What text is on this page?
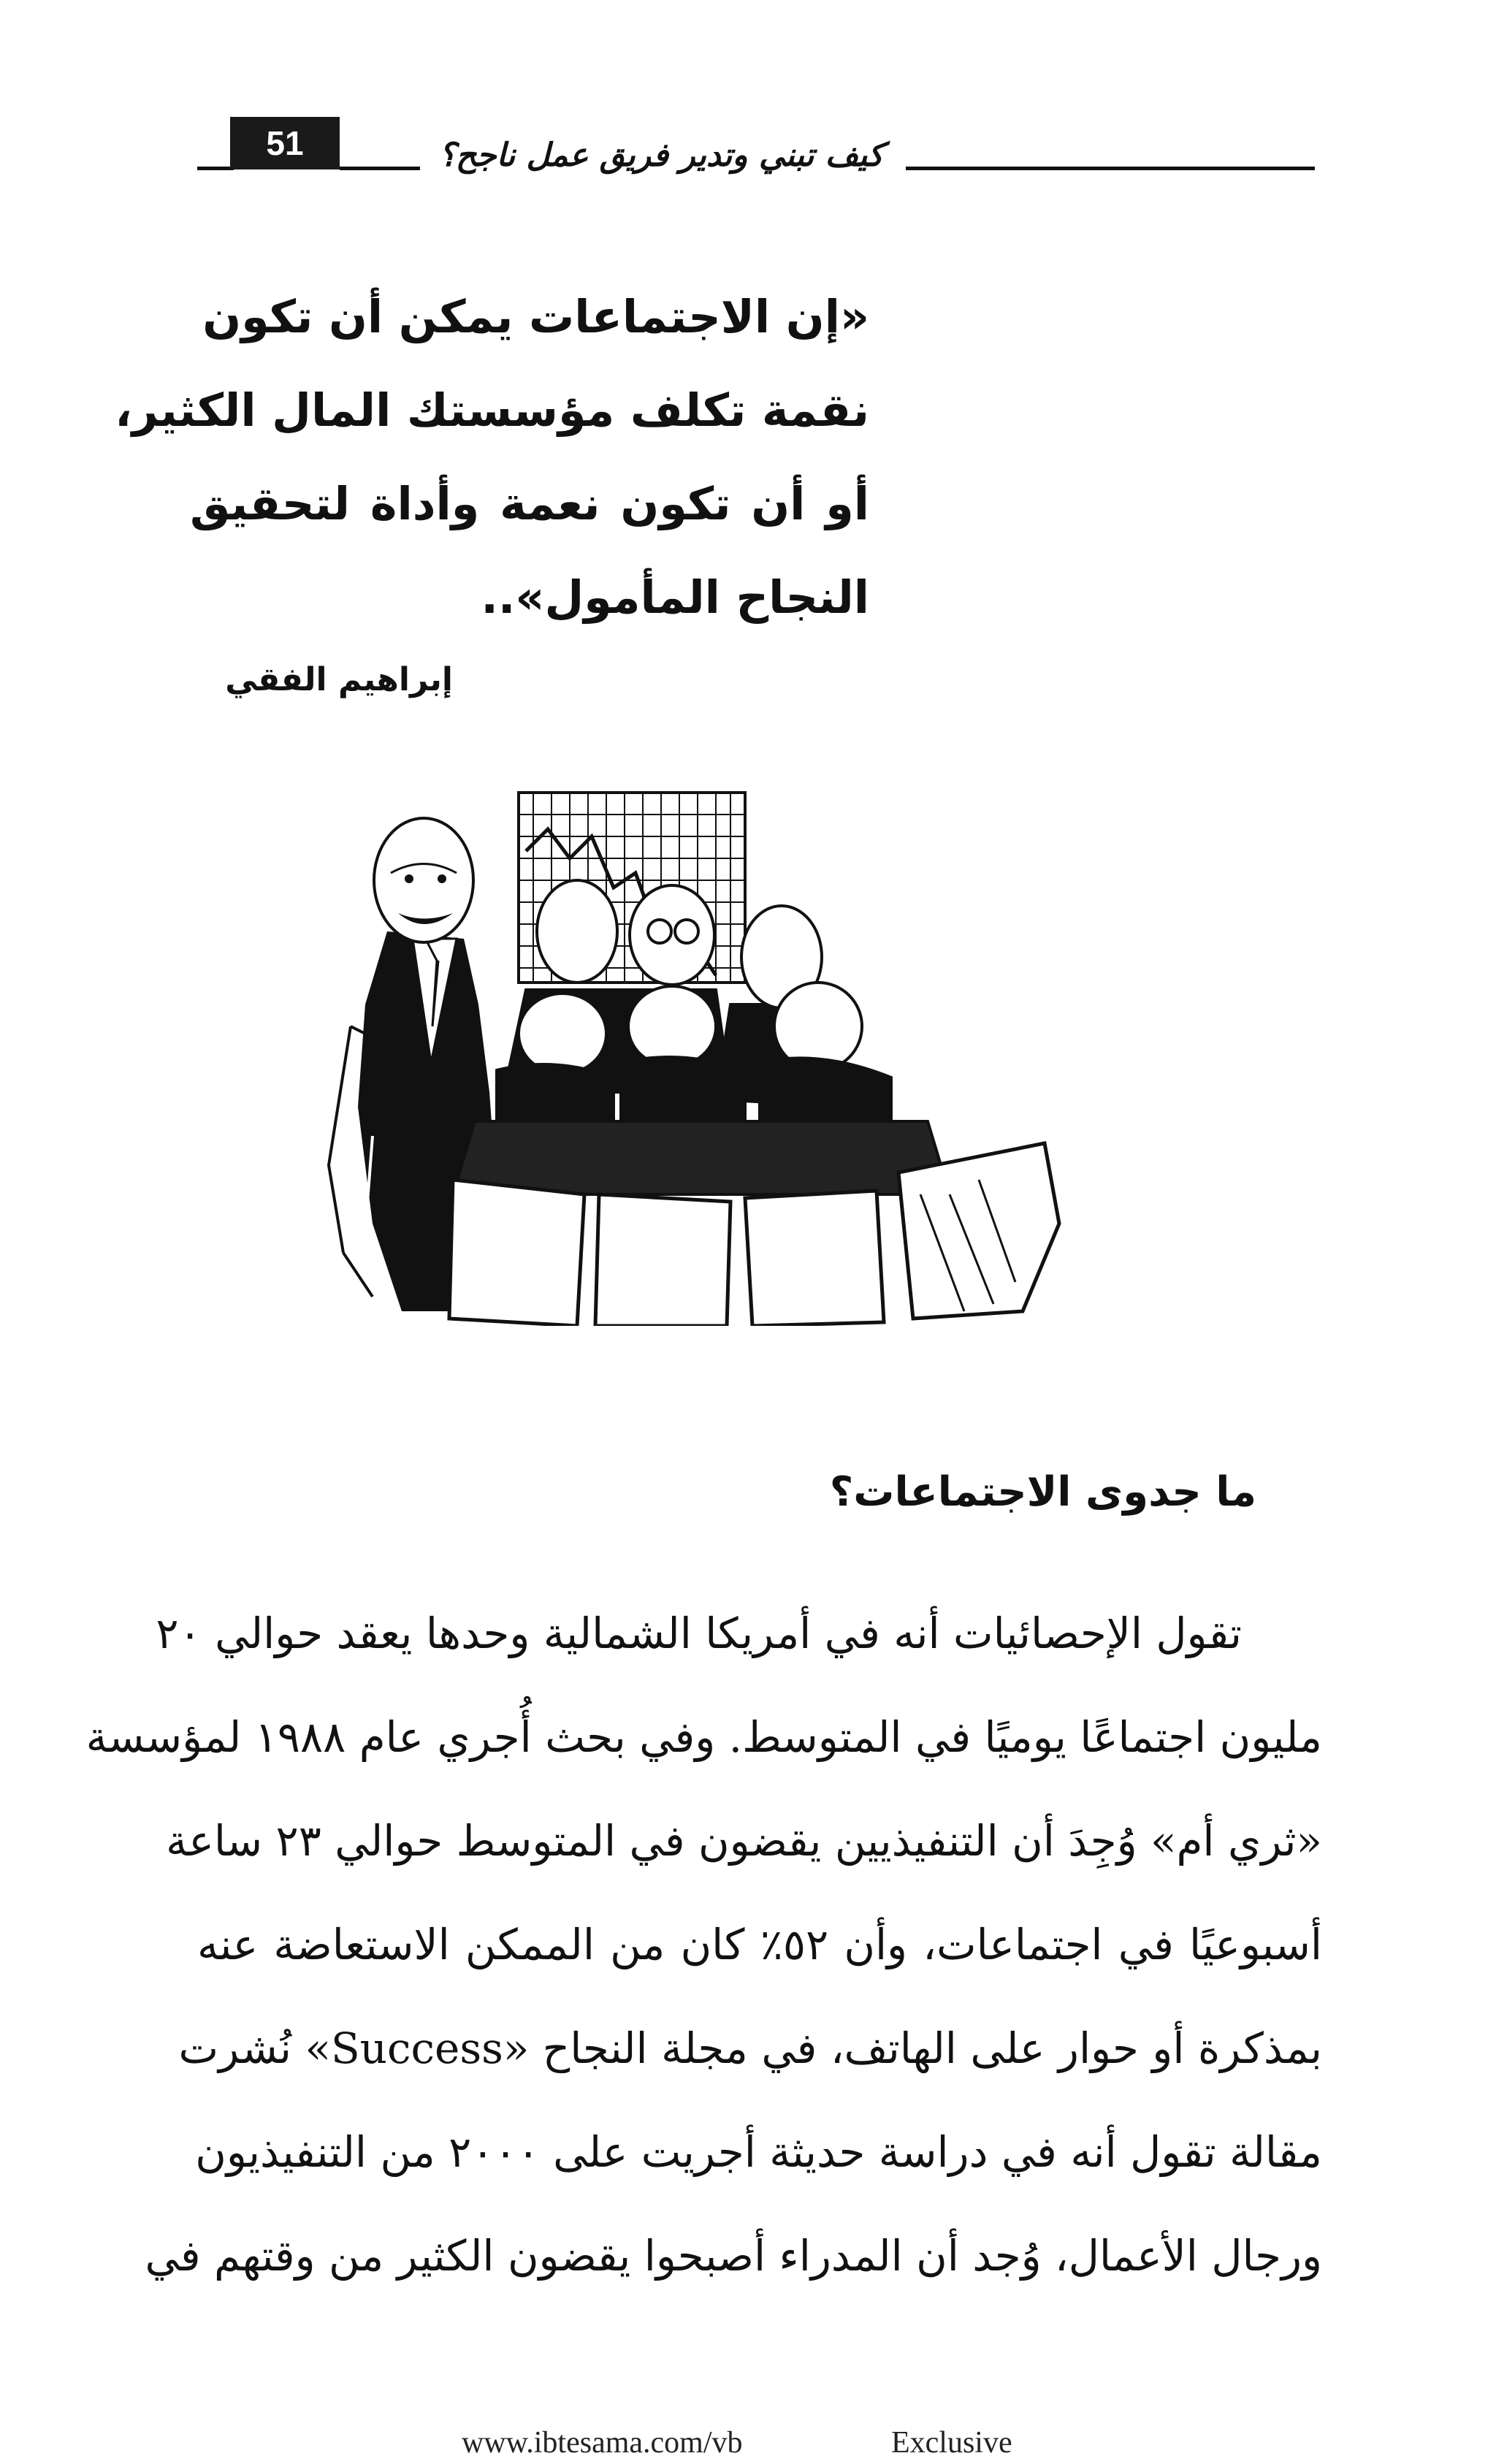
51	كيف تبني وتدير فريق عمل ناجح؟
«إن الاجتماعات يمكن أن تكون
نقمة تكلف مؤسستك المال الكثير،
أو أن تكون نعمة وأداة لتحقيق
النجاح المأمول»..
إبراهيم الفقي
ما جدوى الاجتماعات؟
تقول الإحصائيات أنه في أمريكا الشمالية وحدها يعقد حوالي ٢٠
مليون اجتماعًا يوميًا في المتوسط. وفي بحث أُجري عام ١٩٨٨ لمؤسسة
«ثري أم» وُجِدَ أن التنفيذيين يقضون في المتوسط حوالي ٢٣ ساعة
أسبوعيًا في اجتماعات، وأن ٥٢٪ كان من الممكن الاستعاضة عنه
بمذكرة أو حوار على الهاتف، في مجلة النجاح «Success» نُشرت
مقالة تقول أنه في دراسة حديثة أجريت على ٢٠٠٠ من التنفيذيون
ورجال الأعمال، وُجد أن المدراء أصبحوا يقضون الكثير من وقتهم في
www.ibtesama.com/vb	Exclusive
